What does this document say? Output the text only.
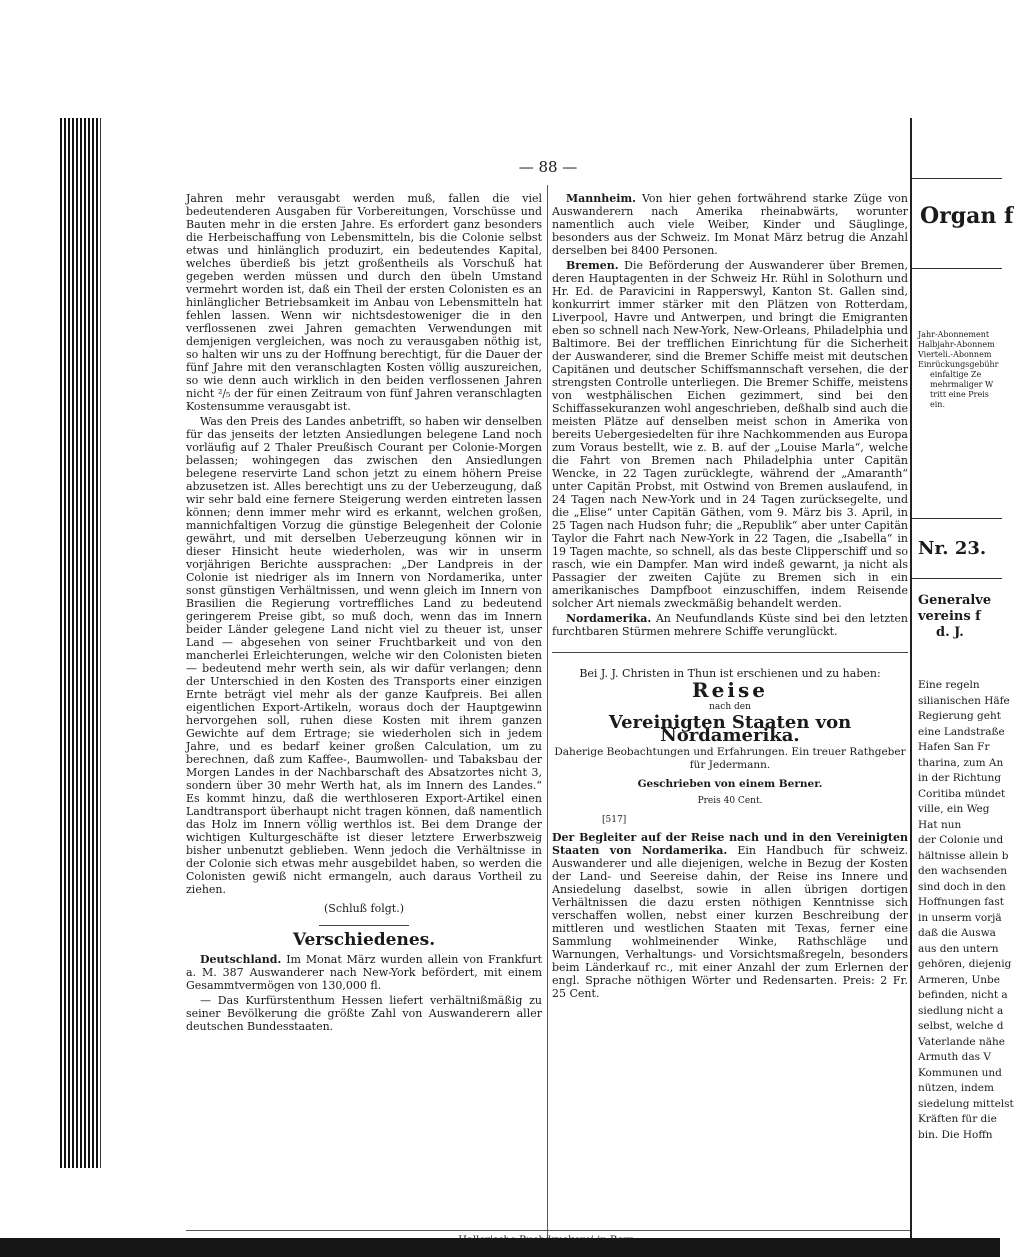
— 88 —

Jahren mehr verausgabt werden muß, fallen die viel bedeutenderen Ausgaben für Vorbereitungen, Vorschüsse und Bauten mehr in die ersten Jahre. Es erfordert ganz besonders die Herbeischaffung von Lebensmitteln, bis die Colonie selbst etwas und hinlänglich produzirt, ein bedeutendes Kapital, welches überdieß bis jetzt großentheils als Vorschuß hat gegeben werden müssen und durch den übeln Umstand vermehrt worden ist, daß ein Theil der ersten Colonisten es an hinlänglicher Betriebsamkeit im Anbau von Lebensmitteln hat fehlen lassen. Wenn wir nichtsdestoweniger die in den verflossenen zwei Jahren gemachten Verwendungen mit demjenigen vergleichen, was noch zu verausgaben nöthig ist, so halten wir uns zu der Hoffnung berechtigt, für die Dauer der fünf Jahre mit den veranschlagten Kosten völlig auszureichen, so wie denn auch wirklich in den beiden verflossenen Jahren nicht ²/₅ der für einen Zeitraum von fünf Jahren veranschlagten Kostensumme verausgabt ist.

Was den Preis des Landes anbetrifft, so haben wir denselben für das jenseits der letzten Ansiedlungen belegene Land noch vorläufig auf 2 Thaler Preußisch Courant per Colonie-Morgen belassen; wohingegen das zwischen den Ansiedlungen belegene reservirte Land schon jetzt zu einem höhern Preise abzusetzen ist. Alles berechtigt uns zu der Ueberzeugung, daß wir sehr bald eine fernere Steigerung werden eintreten lassen können; denn immer mehr wird es erkannt, welchen großen, mannichfaltigen Vorzug die günstige Belegenheit der Colonie gewährt, und mit derselben Ueberzeugung können wir in dieser Hinsicht heute wiederholen, was wir in unserm vorjährigen Berichte aussprachen: „Der Landpreis in der Colonie ist niedriger als im Innern von Nordamerika, unter sonst günstigen Verhältnissen, und wenn gleich im Innern von Brasilien die Regierung vortreffliches Land zu bedeutend geringerem Preise gibt, so muß doch, wenn das im Innern beider Länder gelegene Land nicht viel zu theuer ist, unser Land — abgesehen von seiner Fruchtbarkeit und von den mancherlei Erleichterungen, welche wir den Colonisten bieten — bedeutend mehr werth sein, als wir dafür verlangen; denn der Unterschied in den Kosten des Transports einer einzigen Ernte beträgt viel mehr als der ganze Kaufpreis. Bei allen eigentlichen Export-Artikeln, woraus doch der Hauptgewinn hervorgehen soll, ruhen diese Kosten mit ihrem ganzen Gewichte auf dem Ertrage; sie wiederholen sich in jedem Jahre, und es bedarf keiner großen Calculation, um zu berechnen, daß zum Kaffee-, Baumwollen- und Tabaksbau der Morgen Landes in der Nachbarschaft des Absatzortes nicht 3, sondern über 30 mehr Werth hat, als im Innern des Landes.“ Es kommt hinzu, daß die werthloseren Export-Artikel einen Landtransport überhaupt nicht tragen können, daß namentlich das Holz im Innern völlig werthlos ist. Bei dem Drange der wichtigen Kulturgeschäfte ist dieser letztere Erwerbszweig bisher unbenutzt geblieben. Wenn jedoch die Verhältnisse in der Colonie sich etwas mehr ausgebildet haben, so werden die Colonisten gewiß nicht ermangeln, auch daraus Vortheil zu ziehen.

(Schluß folgt.)

Verschiedenes.

Deutschland. Im Monat März wurden allein von Frankfurt a. M. 387 Auswanderer nach New-York befördert, mit einem Gesammtvermögen von 130,000 fl.

— Das Kurfürstenthum Hessen liefert verhältnißmäßig zu seiner Bevölkerung die größte Zahl von Auswanderern aller deutschen Bundesstaaten.

Mannheim. Von hier gehen fortwährend starke Züge von Auswanderern nach Amerika rheinabwärts, worunter namentlich auch viele Weiber, Kinder und Säuglinge, besonders aus der Schweiz. Im Monat März betrug die Anzahl derselben bei 8400 Personen.

Bremen. Die Beförderung der Auswanderer über Bremen, deren Hauptagenten in der Schweiz Hr. Rühl in Solothurn und Hr. Ed. de Paravicini in Rapperswyl, Kanton St. Gallen sind, konkurrirt immer stärker mit den Plätzen von Rotterdam, Liverpool, Havre und Antwerpen, und bringt die Emigranten eben so schnell nach New-York, New-Orleans, Philadelphia und Baltimore. Bei der trefflichen Einrichtung für die Sicherheit der Auswanderer, sind die Bremer Schiffe meist mit deutschen Capitänen und deutscher Schiffsmannschaft versehen, die der strengsten Controlle unterliegen. Die Bremer Schiffe, meistens von westphälischen Eichen gezimmert, sind bei den Schiffassekuranzen wohl angeschrieben, deßhalb sind auch die meisten Plätze auf denselben meist schon in Amerika von bereits Uebergesiedelten für ihre Nachkommenden aus Europa zum Voraus bestellt, wie z. B. auf der „Louise Marla“, welche die Fahrt von Bremen nach Philadelphia unter Capitän Wencke, in 22 Tagen zurücklegte, während der „Amaranth“ unter Capitän Probst, mit Ostwind von Bremen auslaufend, in 24 Tagen nach New-York und in 24 Tagen zurücksegelte, und die „Elise“ unter Capitän Gäthen, vom 9. März bis 3. April, in 25 Tagen nach Hudson fuhr; die „Republik“ aber unter Capitän Taylor die Fahrt nach New-York in 22 Tagen, die „Isabella“ in 19 Tagen machte, so schnell, als das beste Clipperschiff und so rasch, wie ein Dampfer. Man wird indeß gewarnt, ja nicht als Passagier der zweiten Cajüte zu Bremen sich in ein amerikanisches Dampfboot einzuschiffen, indem Reisende solcher Art niemals zweckmäßig behandelt werden.

Nordamerika. An Neufundlands Küste sind bei den letzten furchtbaren Stürmen mehrere Schiffe verunglückt.

Bei J. J. Christen in Thun ist erschienen und zu haben:

Reise

nach den

Vereinigten Staaten von Nordamerika.

Daherige Beobachtungen und Erfahrungen. Ein treuer Rathgeber für Jedermann.

Geschrieben von einem Berner.

Preis 40 Cent.

[517]

Der Begleiter auf der Reise nach und in den Vereinigten Staaten von Nordamerika. Ein Handbuch für schweiz. Auswanderer und alle diejenigen, welche in Bezug der Kosten der Land- und Seereise dahin, der Reise ins Innere und Ansiedelung daselbst, sowie in allen übrigen dortigen Verhältnissen die dazu ersten nöthigen Kenntnisse sich verschaffen wollen, nebst einer kurzen Beschreibung der mittleren und westlichen Staaten mit Texas, ferner eine Sammlung wohlmeinender Winke, Rathschläge und Warnungen, Verhaltungs- und Vorsichtsmaßregeln, besonders beim Länderkauf rc., mit einer Anzahl der zum Erlernen der engl. Sprache nöthigen Wörter und Redensarten. Preis: 2 Fr. 25 Cent.

Organ f
Jahr-Abonnement
Halbjahr-Abonnem
Vierteli.-Abonnem
Einrückungsgebühr
einfaltige Ze
mehrmaliger W
tritt eine Preis
ein.
Nr. 23.
Generalve
vereins f
d. J.
Eine regeln
silianischen Häfe
Regierung geht
eine Landstraße
Hafen San Fr
tharina, zum An
in der Richtung
Coritiba mündet
ville, ein Weg
Hat nun
der Colonie und
hältnisse allein b
den wachsenden
sind doch in den
Hoffnungen fast
in unserm vorjä
daß die Auswa
aus den untern
gehören, diejenig
Armeren, Unbe
befinden, nicht a
siedlung nicht a
selbst, welche d
Vaterlande nähe
Armuth das V
Kommunen und
nützen, indem
siedelung mittelst
Kräften für die
bin. Die Hoffn
